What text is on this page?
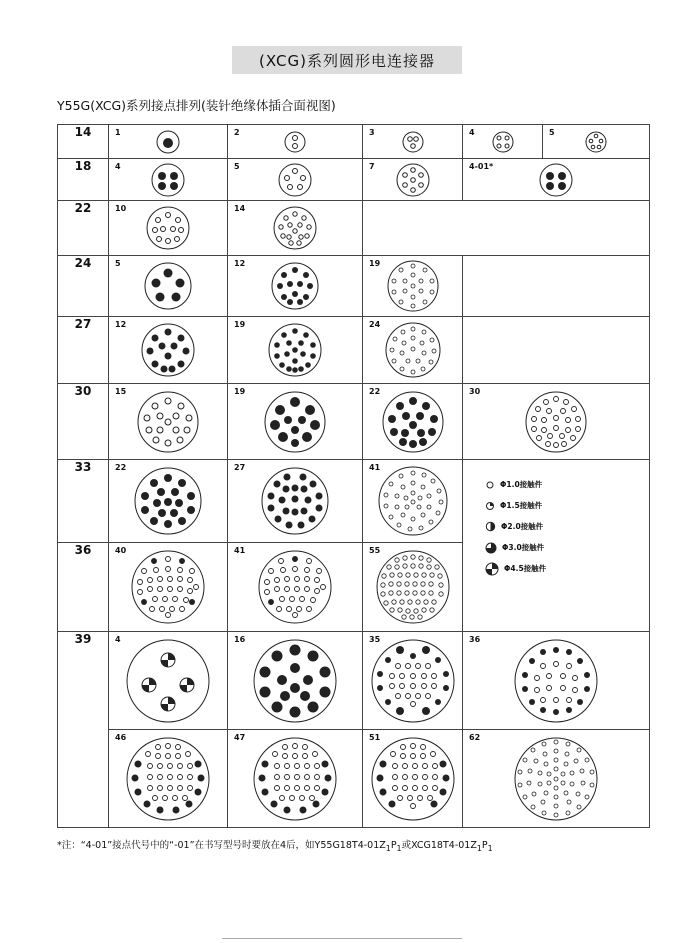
(XCG)系列圆形电连接器
Y55G(XCG)系列接点排列(装针绝缘体插合面视图)
14	1	2	3	4	5

18	4	5	7	4-01*	

22	10	14			

24	5	12	19		

27	12	19	24		

30	15	19	22	30	

33	22	27	41	Φ1.0接触件
Φ1.5接触件
Φ2.0接触件
Φ3.0接触件
Φ4.5接触件	

36	40	41	55		

39	4	16	35	36	

	46	47	51	62	
*注：“4-01”接点代号中的“-01”在书写型号时要放在4后，如$Y55G18T4-01Z_1P_1$或$XCG18T4-01Z_1P_1$
